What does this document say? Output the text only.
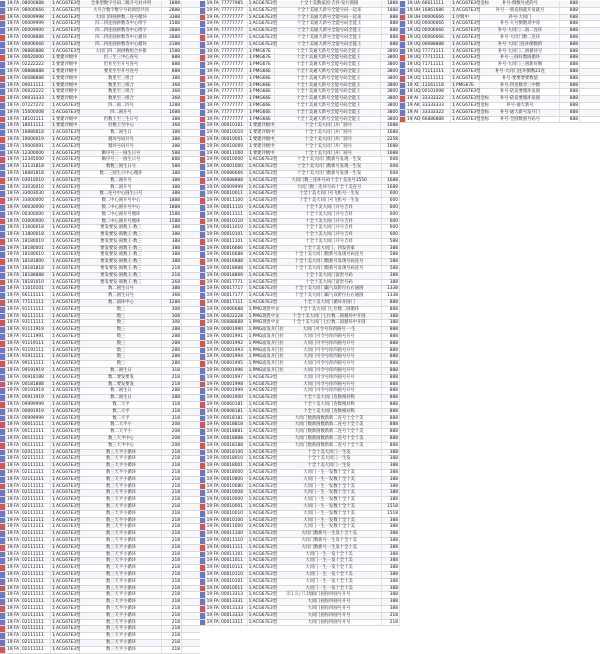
19 FA 08000888	1 ACG67E3型	全体型数字号码二级开号对并列	1888
19 FA 08000666	1 ACG67E3型	大号合数字数字号码预留共同	2888
19 FA 00009998	1 ACG67E3型	大同门四圆拼数二连号循环	3388
19 FA 00009999	1 ACG67E3型	四二四连圆拼数等中心组字	1588
19 FA 00009900	1 ACG67E3型	四二四连圆拼数等中心组字	2888
19 FA 00008888	1 ACG67E3型	四二四连圆拼数等中心循环	2888
19 FA 00006666	1 ACG67E3型	四二四连圆拼数等中心循环	2188
19 FA 08880888	1 ACG67E3型	大同门四二圆拼数组合并排	1588
19 FA 00020000	1 要建评级中	但三至三中心连号	888
19 FA 02222222	1 要建评级中	但亚至至开号连号	888
19 FA 08888888	1 要建评级中	要亚至至开号连号	888
19 FA 00088888	1 要建评级中	数里至三组合	388
19 FA 00011111	1 要建评级中	数里至三组合	368
19 FA 00022222	1 要建评级中	数里至三组合	368
19 FA 00033333	1 要建评级中	数里至三组合	368
19 FA 07227272	1 ACG67E3型	四二圆二四号	1288
19 FA 15000008	1 ACG67E3型	四二圆开号	1688
19 FA 18101111	1 要建评级中	但数王至三生日号	388
19 FA 18011111	1 要建评级中	但数王至中心	368
19 FA 18880818	1 ACG67E3型	数二圆生日	388
19 FA 19000019	1 ACG67E3型	循环号码开号	388
19 FA 19000091	1 ACG67E3型	循环号码开号	388
19 FA 12300000	1 ACG67E3型	顺序号三一圆生日号	588
19 FA 12345000	1 ACG67E3型	顺序号三一圆生日号	888
19 FA 13131818	1 ACG67E3型	数数三圆生日号	588
19 FA 18881818	1 ACG67E3型	数二三圆生日中心循环	388
19 FA 03010010	1 ACG67E3型	数二圆开号	388
19 FA 33030010	1 ACG67E3型	数二圆开号	388
19 FA 33003030	1 ACG67E3型	数二连号中心圆生日号	388
19 FA 33000000	1 ACG67E3型	数二中心圆开号中心	1888
19 FA 00030000	1 ACG67E3型	数二中心圆开号中心	1888
19 FA 00300000	1 ACG67E3型	数二中心圆开号循环	1588
19 FA 03000000	1 ACG67E3型	数二中心圆开号循环	1588
19 FA 11600018	1 ACG67E3型	要发要发·圆数王·数三	388
19 FA 11800018	1 ACG67E3型	要发要发·圆数王·数三	388
19 FA 18180010	1 ACG67E3型	要发要发·圆数王·数三	388
19 FA 18180001	1 ACG67E3型	要发要发·圆数王·数三	388
19 FA 18180010	1 ACG67E3型	要发要发·圆数王·数三	388
19 FA 18181800	1 ACG67E3型	要发要发·圆数王·数三	388
19 FA 18181818	1 ACG67E3型	要发要发·圆数王·数三	218
19 FA 18188888	1 ACG67E3型	要发要发·圆数王·数三	218
19 FA 18181010	1 ACG67E3型	要发要发·圆数王·数三	268
19 FA 11010101	1 ACG67E3型	数二圆生日号	388
19 FA 66111111	1 ACG67E3型	数二圆生日号	368
19 FA 77111111	1 ACG67E3型	数二圆环中心	1288
19 FA 91111111	1 ACG67E3型	数三	308
19 FA 92111111	1 ACG67E3型	数三	308
19 FA 93111111	1 ACG67E3型	数三	308
19 FA 91111919	1 ACG67E3型	数三	288
19 FA 91111991	1 ACG67E3型	数三	288
19 FA 91119111	1 ACG67E3型	数三	288
19 FA 91191111	1 ACG67E3型	数三	288
19 FA 91911111	1 ACG67E3型	数三	288
19 FA 99111111	1 ACG67E3型	数三	288
19 FA 09191919	1 ACG67E3型	数二圆生日	318
19 FA 00918188	1 ACG67E3型	数二要发要发	218
19 FA 00181888	1 ACG67E3型	数二要发要发	218
19 FA 00191919	1 ACG67E3型	数二圆生日	288
19 FA 00911919	1 ACG67E3型	数二圆生日	288
19 FA 09999999	1 ACG67E3型	数二天平	318
19 FA 00091919	1 ACG67E3型	数二天平	318
19 FA 00999999	1 ACG67E3型	数二天平	318
19 FA 00011111	1 ACG67E3型	数二天平小	208
19 FA 00111111	1 ACG67E3型	数二天平小	208
19 FA 00111111	1 ACG67E3型	数三天平中心	208
19 FA 00111111	1 ACG67E3型	数三天平中心	208
19 FA 02011111	1 ACG67E3型	数三天平小循环	218
19 FA 02111111	1 ACG67E3型	数三天平小循环	218
19 FA 02111111	1 ACG67E3型	数三天平小循环	218
19 FA 02111111	1 ACG67E3型	数三天平小循环	218
19 FA 02111111	1 ACG67E3型	数三天平小循环	218
19 FA 02111111	1 ACG67E3型	数三天平小循环	218
19 FA 02111111	1 ACG67E3型	数三天平小循环	218
19 FA 02111111	1 ACG67E3型	数三天平小循环	218
19 FA 02111111	1 ACG67E3型	数三天平小循环	218
19 FA 02111111	1 ACG67E3型	数三天平小循环	218
19 FA 02111111	1 ACG67E3型	数三天平小循环	218
19 FA 02111111	1 ACG67E3型	数三天平小循环	218
19 FA 02111111	1 ACG67E3型	数三天平小循环	218
19 FA 02111111	1 ACG67E3型	数三天平小循环	218
19 FA 02111111	1 ACG67E3型	数三天平小循环	218
19 FA 02111111	1 ACG67E3型	数三天平小循环	218
19 FA 02111111	1 ACG67E3型	数三天平小循环	218
19 FA 02111111	1 ACG67E3型	数三天平小循环	218
19 FA 02111111	1 ACG67E3型	数三天平小循环	218
19 FA 02111111	1 ACG67E3型	数三天平小循环	218
19 FA 02111111	1 ACG67E3型	数三天平小循环	218
19 FA 02111111	1 ACG67E3型	数三天平小循环	218
19 FA 02111111	1 ACG67E3型	数三天平小循环	218
19 FA 02111111	1 ACG67E3型	数三天平小循环	218
19 FA 02111111	1 ACG67E3型	数三天平小循环	218
19 FA 02111111	1 ACG67E3型	数三天平小循环	218
19 FA 02111111	1 ACG67E3型	数三天平小循环	218
19 FA 02111111	1 ACG67E3型	数三天平小循环	218
19 FA 02111111	1 ACG67E3型	数三天平小循环	218
19 FA 02111111	1 ACG67E3型	数三天平小循环	218
19 FA 77777985	1 ACG67E3型	十全十美数家园·吉祥·发行圆圆	1888
19 FA 77777777	1 ACG67E3型	十全十美通天新号全能号码一起来	1888
19 FA 77777777	1 ACG67E3型	十全十美通天新号全能号码一起来	888
19 FA 77777777	1 ACG67E3型	十全十美通天新号全能号码全能王	888
19 FA 77777777	1 ACG67E3型	十全十美通天新号全能号码全能王	888
19 FA 77777777	1 ACG67E3型	十全十美通天新号全能号码全能王	888
19 FA 77777777	1 ACG67E3型	十全十美通天新号全能号码全能王	888
19 FA 77777777	1 PMG67E	十全十美通天新号全能号码全能王	3800
19 FA 77777777	1 PMG67E	十全十美通天新号全能号码全能王	3800
19 FA 77777777	1 PMG67E	十全十美通天新号全能号码全能王	3800
19 FA 77777777	1 PMG66E	十全十美通天新号全能号码全能王	3800
19 FA 77777777	1 PMG66E	十全十美通天新号全能号码全能王	3800
19 FA 77777777	1 PMG66E	十全十美通天新号全能号码全能王	3800
19 FA 77777777	1 PMG66E	十全十美通天新号全能号码全能王	3800
19 FA 77777777	1 PMG66E	十全十美通天新号全能号码全能王	3800
19 FA 77777777	1 PMG66E	十全十美通天新号全能号码全能王	3800
19 FA 77777777	1 PMG66E	十全十美通天新号全能号码全能王	3800
19 FA 77777777	1 PMG66E	十全十美通天新号全能号码全能王	3800
19 FA 00010101	1 要建评级中	十全十美大同门开广圆号	1688
19 FA 00010010	1 要建评级中	十全十美大同门开广圆号	1688
19 FA 00010001	1 要建评级中	十全十美大同门开广圆号	2258
19 FA 00010000	1 要建评级中	十全十美大同门开广圆号	1688
19 FA 00011000	1 要建评级中	十全十美大同门开广圆号	1688
19 FA 00010000	1 ACG67E3型	十全十美大同门数新号发现一生发	608
19 FA 00001000	1 ACG67E3型	十全十美大同门数新号发现一生发	608
19 FA 00086666	1 ACG67E3型	十全十美大同门数新号发现一生发	608
19 FA 00088888	1 ACG67E3型	大同门数三连环号码十全十美连号1550	1688
19 FA 00009999	1 ACG67E3型	大同门数三连环号码十全十美连号	1688
19 FA 00010011	1 ACG67E3型	十全十美大同门号飞机号一生发	600
19 FA 00011100	1 ACG67E3型	十全十美大同门号飞机号一生发	600
19 FA 00011110	1 ACG67E3型	十全十美大同门开号吉祥	600
19 FA 00011111	1 ACG67E3型	十全十美大同门开号吉祥	600
19 FA 00010110	1 ACG67E3型	十全十美大同门开号吉祥	600
19 FA 00011010	1 ACG67E3型	十全十美大同门开号吉祥	600
19 FA 00010101	1 ACG67E3型	十全十美大同门开号吉祥	600
19 FA 00011101	1 ACG67E3型	十全十美大同门开号吉祥	588
19 FA 00016666	1 ACG67E3型	十全十美大同门、四发管家	388
19 FA 00016688	1 ACG67E3型	十全十美大同门数新号发现号码连号	588
19 FA 00016888	1 ACG67E3型	十全十美大同门数新号发现号码连号	588
19 FA 00018888	1 ACG67E3型	十全十美大同门数新号发现号码连号	588
19 FA 00018866	1 ACG67E3型	十全十美大同门富贵号码	388
19 FA 00017771	1 ACG67E3型	十全十美大同门富贵号码	388
19 FA 00017717	1 ACG67E3型	十全十美大同门霸气双阶位右右通圆	1338
19 FA 00017177	1 ACG67E3型	十全十美大同门霸气双阶位右右通圆	1338
19 FA 00017111	1 ACG67E3型	十全十美大同门循环开圆门	888
19 FA 00066688	1 PMG现贵中文	十全十美大同门七位数二圆循环	888
19 FA 00022228	1 PMG现贵中文	十全十美大同门七位数二圆循环中开圆	388
19 FA 00088888	1 PMG现贵中文	十全十美大同门七位数二圆循环中开圆	388
19 FA 00001990	1 PMG面发开门拉	大同门可令号你四圆号一·生	888
19 FA 00001991	1 PMG面发开门拉	大同门可令号你四圆号开号	888
19 FA 00001992	1 PMG面发开门拉	大同门可令号你四圆号开号	888
19 FA 00001993	1 PMG面发开门拉	大同门可令号你四圆号开号	888
19 FA 00001994	1 PMG面发开门拉	大同门可令号你四圆号开号	888
19 FA 00001995	1 PMG面发开门拉	大同门可令号你四圆号开号	888
19 FA 00001996	1 PMG面发开门拉	大同门可令号你四圆号开号	888
19 FA 00001997	1 ACG67E3型	大同门可令号你四圆号开号	888
19 FA 00001998	1 ACG67E3型	大同门可令号你四圆号开号	888
19 FA 00001999	1 ACG67E3型	大同门可令号你四圆号开号	888
19 FA 00001900	1 ACG67E3型	十全十美大同门连数相对称	888
19 FA 00060181	1 ACG67E3型	十全十美大同门连数相对称	888
19 FA 00008181	1 ACG67E3型	十全十美大同门连数相对称	888
19 FA 00018181	1 ACG67E3型	大同门数新圆数新新二连号十全十美	888
19 FA 00018818	1 ACG67E3型	大同门数新圆数新新二连号十全十美	888
19 FA 00018881	1 ACG67E3型	大同门数新圆数新新二连号十全十美	888
19 FA 00018888	1 ACG67E3型	大同门数新圆数新新二连号十全十美	888
19 FA 00018188	1 ACG67E3型	大同门数新圆数新新二连号十全十美	888
19 FA 00018100	1 ACG67E3型	十全十美大同门一生发	388
19 FA 00018010	1 ACG67E3型	十全十美大同门一生发	388
19 FA 00018001	1 ACG67E3型	十全十美大同门一生发	388
19 FA 00018000	1 ACG67E3型	大同门一生一发数十全十美	388
19 FA 00010800	1 ACG67E3型	大同门一生一发数十全十美	388
19 FA 00010080	1 ACG67E3型	大同门一生一发数十全十美	388
19 FA 00010008	1 ACG67E3型	大同门一生一发数十全十美	388
19 FA 00010000	1 ACG67E3型	大同门一生一发数十全十美	388
19 FA 00010001	1 ACG67E3型	大同门一生一发数十全十美	1518
19 FA 00010010	1 ACG67E3型	大同门一生一发数十全十美	1518
19 FA 00010100	1 ACG67E3型	大同门一生一发数十全十美	388
19 FA 00011000	1 ACG67E3型	大同门一生一发数十全十美	388
19 FA 00011100	1 ACG67E3型	大同门数新号一生发十全十美	388
19 FA 00011110	1 ACG67E3型	大同门数新号一生发十全十美	388
19 FA 00011111	1 ACG67E3型	大同门数新号一生发十全十美	388
19 FA 00011101	1 ACG67E3型	大同门一生一发十全十美	388
19 FA 00011011	1 ACG67E3型	大同门一生一发十全十美	388
19 FA 00010111	1 ACG67E3型	大同门一生一发十全十美	388
19 FA 00010110	1 ACG67E3型	大同门一生一发十全十美	388
19 FA 00010101	1 ACG67E3型	大同门一生一发十全十美	388
19 FA 00010011	1 ACG67E3型	大同门一生一发十全十美	388
19 FA 00013313	1 ACG67E3型	大同门圆你四圆号开号	388
19 FA 00013331	1 ACG67E3型	大同门圆你四圆号开号	388
19 FA 00013133	1 ACG67E3型	大同门圆你四圆号开号	388
19 FA 00013333	1 ACG67E3型	大同门圆你四圆号开号	218
19 FA 00013311	1 ACG67E3型	大同门圆你四圆号开号	218
19 UA 66611111	1 ACG67E3型金标	补号·倒数号虎的号	888
19 UH 16861686	1 ACG67E3型	补号·一圆发圆就开发就号	888
19 UH 00006666	1 评级中	补号·大同门	688
19 UQ 00006666	1 ACG67E3型	补号·大号倒数哥中哥	888
19 UQ 00006666	1 ACG67E3型	补号·大同门二圆二连环	888
19 UQ 00066666	1 ACG67E3型	补号·大同门数二连环	888
19 UQ 00088888	1 ACG67E3型	补号·大同门连环倒数的	888
19 UQ 77771111	1 ACG67E3型	补号·大同门二圆循环号	888
19 UQ 77711111	1 ACG67E3型	补号·三圆好数圆循环	888
19 UQ 71711111	1 ACG67E3型	补号·大同门三圆新好倒	888
19 UQ 71111111	1 ACG67E3型	补号·大同门连环倒数21连	888
19 UQ 11111111	1 ACG67E3型	补号·要要要要数值	888
19 XC 11161118	1 PMG67E	补号·四连数零三中数	888
19 UQ 00101098	1 ACG67E3型	补号·防发要循环发圆	888
19 AI 33333322	1 ACG67E3型金标	补号·防发要循环发圆	888
19 AK 33333333	1 ACG67E3型金标	补号·通天新号	888
19 AI 33333322	1 ACG67E3型金标	补号·通天新号发开门	888
19 AD 66886888	1 ACG67E3型金标	补号·全圆数圆号码号	888
第1页/共1页
